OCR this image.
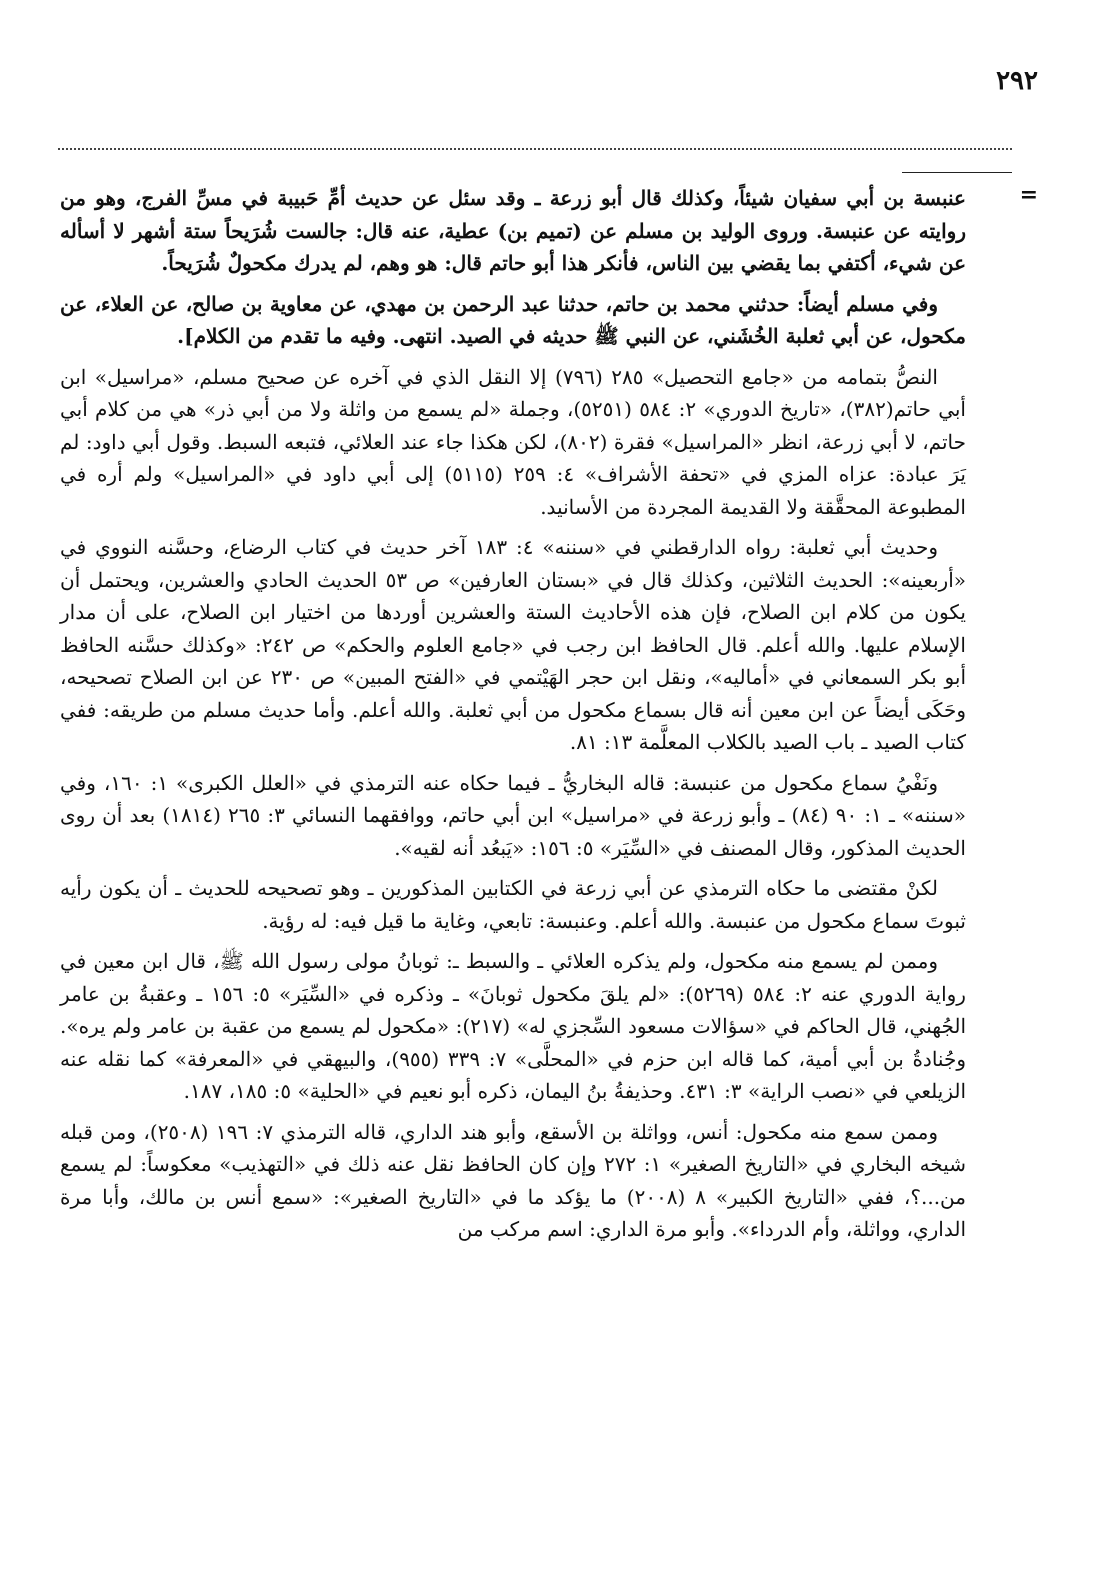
٢٩٢
=

عنبسة بن أبي سفيان شيئاً، وكذلك قال أبو زرعة ـ وقد سئل عن حديث أمِّ حَبيبة في مسِّ الفرج، وهو من روايته عن عنبسة. وروى الوليد بن مسلم عن (تميم بن) عطية، عنه قال: جالست شُرَيحاً ستة أشهر لا أسأله عن شيء، أكتفي بما يقضي بين الناس، فأنكر هذا أبو حاتم قال: هو وهم، لم يدرك مكحولٌ شُرَيحاً.

وفي مسلم أيضاً: حدثني محمد بن حاتم، حدثنا عبد الرحمن بن مهدي، عن معاوية بن صالح، عن العلاء، عن مكحول، عن أبي ثعلبة الخُشَني، عن النبي ﷺ حديثه في الصيد. انتهى. وفيه ما تقدم من الكلام].

النصُّ بتمامه من «جامع التحصيل» ٢٨٥ (٧٩٦) إلا النقل الذي في آخره عن صحيح مسلم، «مراسيل» ابن أبي حاتم(٣٨٢)، «تاريخ الدوري» ٢: ٥٨٤ (٥٢٥١)، وجملة «لم يسمع من واثلة ولا من أبي ذر» هي من كلام أبي حاتم، لا أبي زرعة، انظر «المراسيل» فقرة (٨٠٢)، لكن هكذا جاء عند العلائي، فتبعه السبط. وقول أبي داود: لم يَرَ عبادة: عزاه المزي في «تحفة الأشراف» ٤: ٢٥٩ (٥١١٥) إلى أبي داود في «المراسيل» ولم أره في المطبوعة المحقَّقة ولا القديمة المجردة من الأسانيد.

وحديث أبي ثعلبة: رواه الدارقطني في «سننه» ٤: ١٨٣ آخر حديث في كتاب الرضاع، وحسَّنه النووي في «أربعينه»: الحديث الثلاثين، وكذلك قال في «بستان العارفين» ص ٥٣ الحديث الحادي والعشرين، ويحتمل أن يكون من كلام ابن الصلاح، فإن هذه الأحاديث الستة والعشرين أوردها من اختيار ابن الصلاح، على أن مدار الإسلام عليها. والله أعلم. قال الحافظ ابن رجب في «جامع العلوم والحكم» ص ٢٤٢: «وكذلك حسَّنه الحافظ أبو بكر السمعاني في «أماليه»، ونقل ابن حجر الهَيْتمي في «الفتح المبين» ص ٢٣٠ عن ابن الصلاح تصحيحه، وحَكَى أيضاً عن ابن معين أنه قال بسماع مكحول من أبي ثعلبة. والله أعلم. وأما حديث مسلم من طريقه: ففي كتاب الصيد ـ باب الصيد بالكلاب المعلَّمة ١٣: ٨١.

ونَفْيُ سماع مكحول من عنبسة: قاله البخاريُّ ـ فيما حكاه عنه الترمذي في «العلل الكبرى» ١: ١٦٠، وفي «سننه» ـ ١: ٩٠ (٨٤) ـ وأبو زرعة في «مراسيل» ابن أبي حاتم، ووافقهما النسائي ٣: ٢٦٥ (١٨١٤) بعد أن روى الحديث المذكور، وقال المصنف في «السِّيَر» ٥: ١٥٦: «يَبعُد أنه لقيه».

لكنْ مقتضى ما حكاه الترمذي عن أبي زرعة في الكتابين المذكورين ـ وهو تصحيحه للحديث ـ أن يكون رأيه ثبوتَ سماع مكحول من عنبسة. والله أعلم. وعنبسة: تابعي، وغاية ما قيل فيه: له رؤية.

وممن لم يسمع منه مكحول، ولم يذكره العلائي ـ والسبط ـ: ثوبانُ مولى رسول الله ﷺ، قال ابن معين في رواية الدوري عنه ٢: ٥٨٤ (٥٢٦٩): «لم يلقَ مكحول ثوبانَ» ـ وذكره في «السِّيَر» ٥: ١٥٦ ـ وعقبةُ بن عامر الجُهني، قال الحاكم في «سؤالات مسعود السِّجزي له» (٢١٧): «مكحول لم يسمع من عقبة بن عامر ولم يره». وجُنادةُ بن أبي أمية، كما قاله ابن حزم في «المحلَّى» ٧: ٣٣٩ (٩٥٥)، والبيهقي في «المعرفة» كما نقله عنه الزيلعي في «نصب الراية» ٣: ٤٣١. وحذيفةُ بنُ اليمان، ذكره أبو نعيم في «الحلية» ٥: ١٨٥، ١٨٧.

وممن سمع منه مكحول: أنس، وواثلة بن الأسقع، وأبو هند الداري، قاله الترمذي ٧: ١٩٦ (٢٥٠٨)، ومن قبله شيخه البخاري في «التاريخ الصغير» ١: ٢٧٢ وإن كان الحافظ نقل عنه ذلك في «التهذيب» معكوساً: لم يسمع من...؟، ففي «التاريخ الكبير» ٨ (٢٠٠٨) ما يؤكد ما في «التاريخ الصغير»: «سمع أنس بن مالك، وأبا مرة الداري، وواثلة، وأم الدرداء». وأبو مرة الداري: اسم مركب من
